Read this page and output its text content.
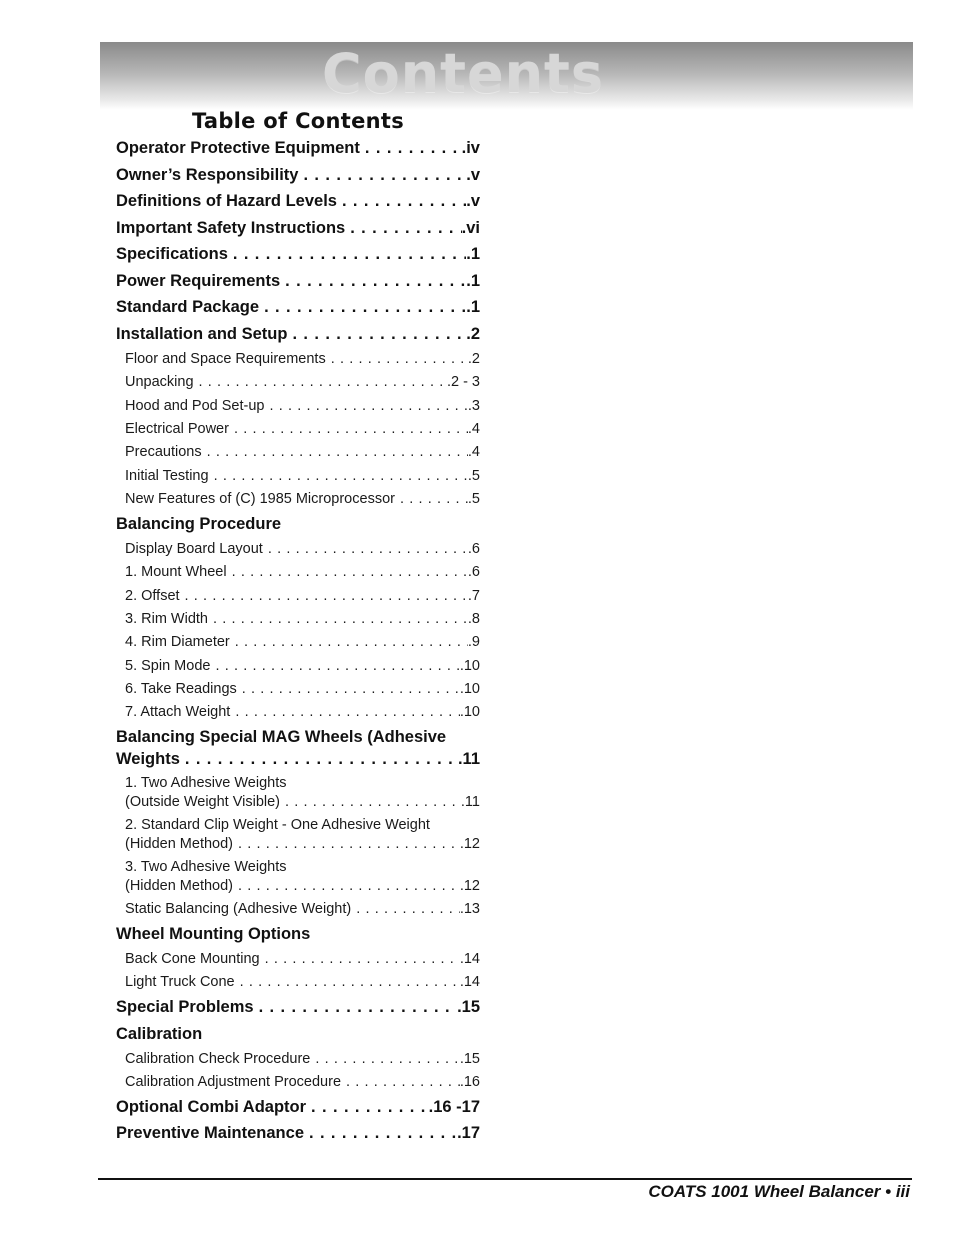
Contents
Table of Contents
Operator Protective Equipment . . .	.iv
Owner’s Responsibility . . .	.v
Definitions of Hazard Levels . . .	.v
Important Safety Instructions . . .	.vi
Specifications . . .	.1
Power Requirements . . .	.1
Standard Package . . .	.1
Installation and Setup . . .	.2
Floor and Space Requirements . . .	.2
Unpacking . . .	.2 - 3
Hood and Pod Set-up . . .	.3
Electrical Power . . .	.4
Precautions . . .	.4
Initial Testing . . .	.5
New Features of (C) 1985 Microprocessor . . .	.5
Balancing Procedure
Display Board Layout . . .	.6
1. Mount Wheel . . .	.6
2. Offset . . .	.7
3. Rim Width . . .	.8
4. Rim Diameter . . .	.9
5. Spin Mode . . .	.10
6. Take Readings . . .	.10
7. Attach Weight . . .	.10
Balancing Special MAG Wheels (Adhesive
Weights . . .	.11
1. Two Adhesive Weights
(Outside Weight Visible) . . .	.11
2. Standard Clip Weight - One Adhesive Weight
(Hidden Method) . . .	.12
3. Two Adhesive Weights
(Hidden Method) . . .	.12
Static Balancing (Adhesive Weight) . . .	.13
Wheel Mounting Options
Back Cone Mounting . . .	.14
Light Truck Cone . . .	.14
Special Problems . . .	.15
Calibration
Calibration Check Procedure . . .	.15
Calibration Adjustment Procedure . . .	.16
Optional Combi Adaptor . . .	.16 -17
Preventive Maintenance . . .	.17
COATS 1001 Wheel Balancer • iii
